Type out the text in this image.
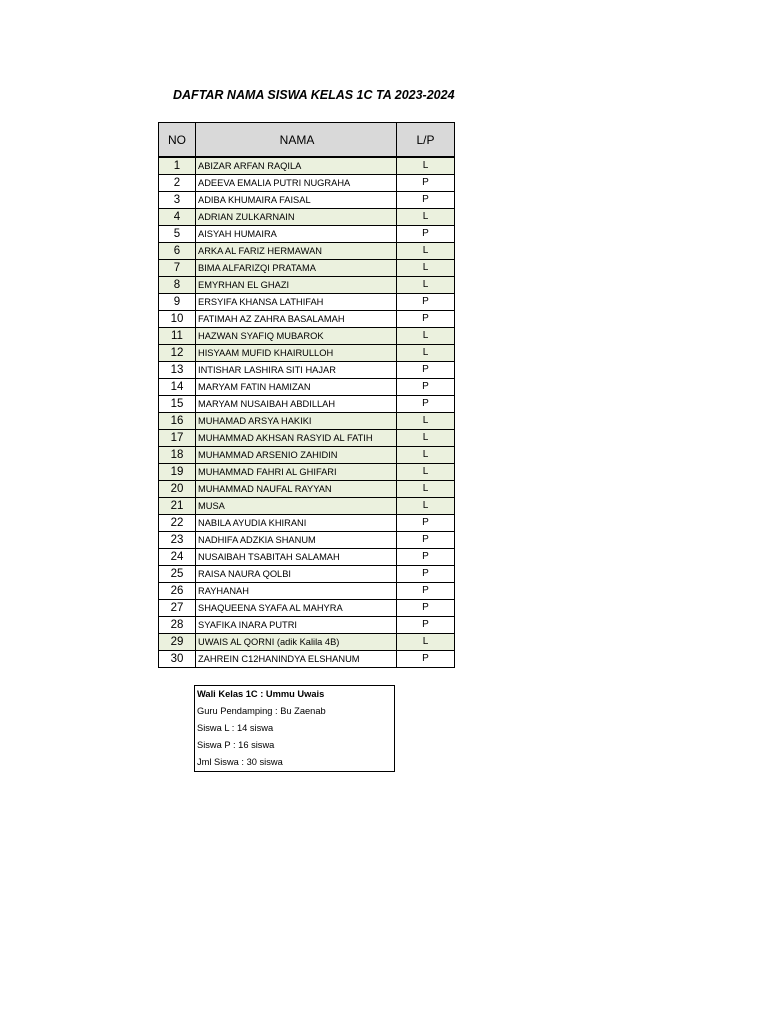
DAFTAR NAMA SISWA KELAS 1C TA 2023-2024
NO	NAMA	L/P
1	ABIZAR ARFAN RAQILA	L
2	ADEEVA EMALIA PUTRI NUGRAHA	P
3	ADIBA KHUMAIRA FAISAL	P
4	ADRIAN ZULKARNAIN	L
5	AISYAH HUMAIRA	P
6	ARKA AL FARIZ HERMAWAN	L
7	BIMA ALFARIZQI PRATAMA	L
8	EMYRHAN EL GHAZI	L
9	ERSYIFA KHANSA LATHIFAH	P
10	FATIMAH AZ ZAHRA BASALAMAH	P
11	HAZWAN SYAFIQ MUBAROK	L
12	HISYAAM MUFID KHAIRULLOH	L
13	INTISHAR LASHIRA SITI HAJAR	P
14	MARYAM FATIN HAMIZAN	P
15	MARYAM NUSAIBAH ABDILLAH	P
16	MUHAMAD ARSYA HAKIKI	L
17	MUHAMMAD AKHSAN RASYID AL FATIH	L
18	MUHAMMAD ARSENIO ZAHIDIN	L
19	MUHAMMAD FAHRI AL GHIFARI	L
20	MUHAMMAD NAUFAL RAYYAN	L
21	MUSA	L
22	NABILA AYUDIA KHIRANI	P
23	NADHIFA ADZKIA SHANUM	P
24	NUSAIBAH TSABITAH SALAMAH	P
25	RAISA NAURA QOLBI	P
26	RAYHANAH	P
27	SHAQUEENA SYAFA AL MAHYRA	P
28	SYAFIKA INARA PUTRI	P
29	UWAIS AL QORNI (adik Kalila 4B)	L
30	ZAHREIN C12HANINDYA ELSHANUM	P
Wali Kelas 1C : Ummu Uwais
Guru Pendamping : Bu Zaenab
Siswa L : 14 siswa
Siswa P : 16 siswa
Jml Siswa : 30 siswa
